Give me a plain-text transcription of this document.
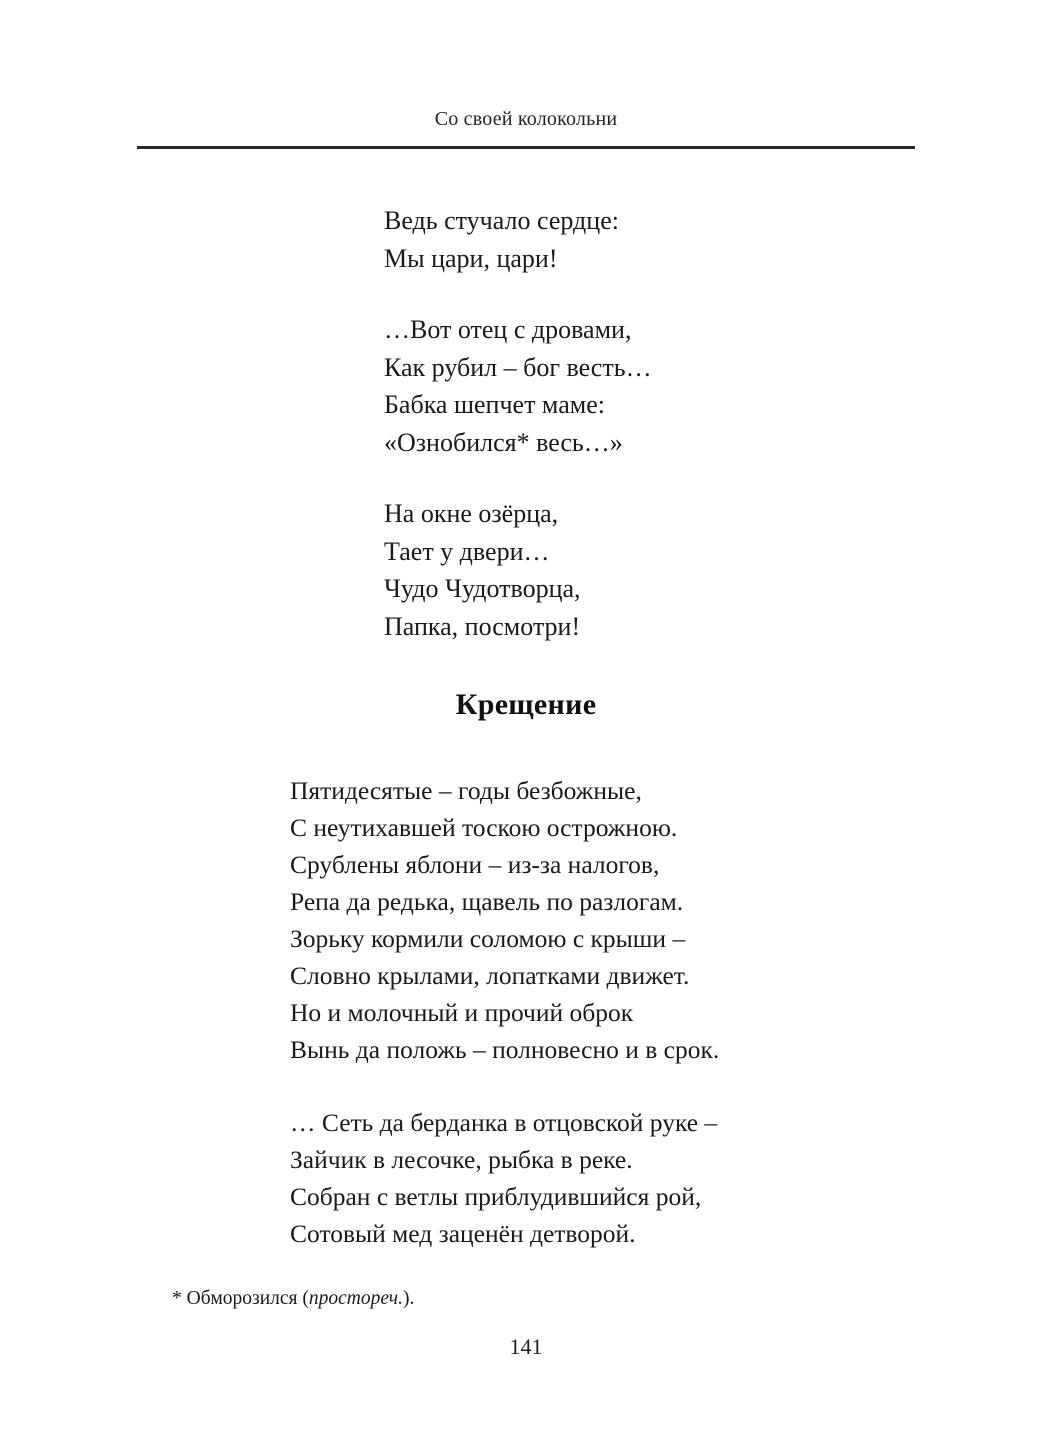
Со своей колокольни
Ведь стучало сердце:
Мы цари, цари!
…Вот отец с дровами,
Как рубил – бог весть…
Бабка шепчет маме:
«Ознобился* весь…»
На окне озёрца,
Тает у двери…
Чудо Чудотворца,
Папка, посмотри!
Крещение
Пятидесятые – годы безбожные,
С неутихавшей тоскою острожною.
Срублены яблони – из-за налогов,
Репа да редька, щавель по разлогам.
Зорьку кормили соломою с крыши –
Словно крылами, лопатками движет.
Но и молочный и прочий оброк
Вынь да положь – полновесно и в срок.
… Сеть да берданка в отцовской руке –
Зайчик в лесочке, рыбка в реке.
Собран с ветлы приблудившийся рой,
Сотовый мед заценён детворой.
* Обморозился (простореч.).
141
